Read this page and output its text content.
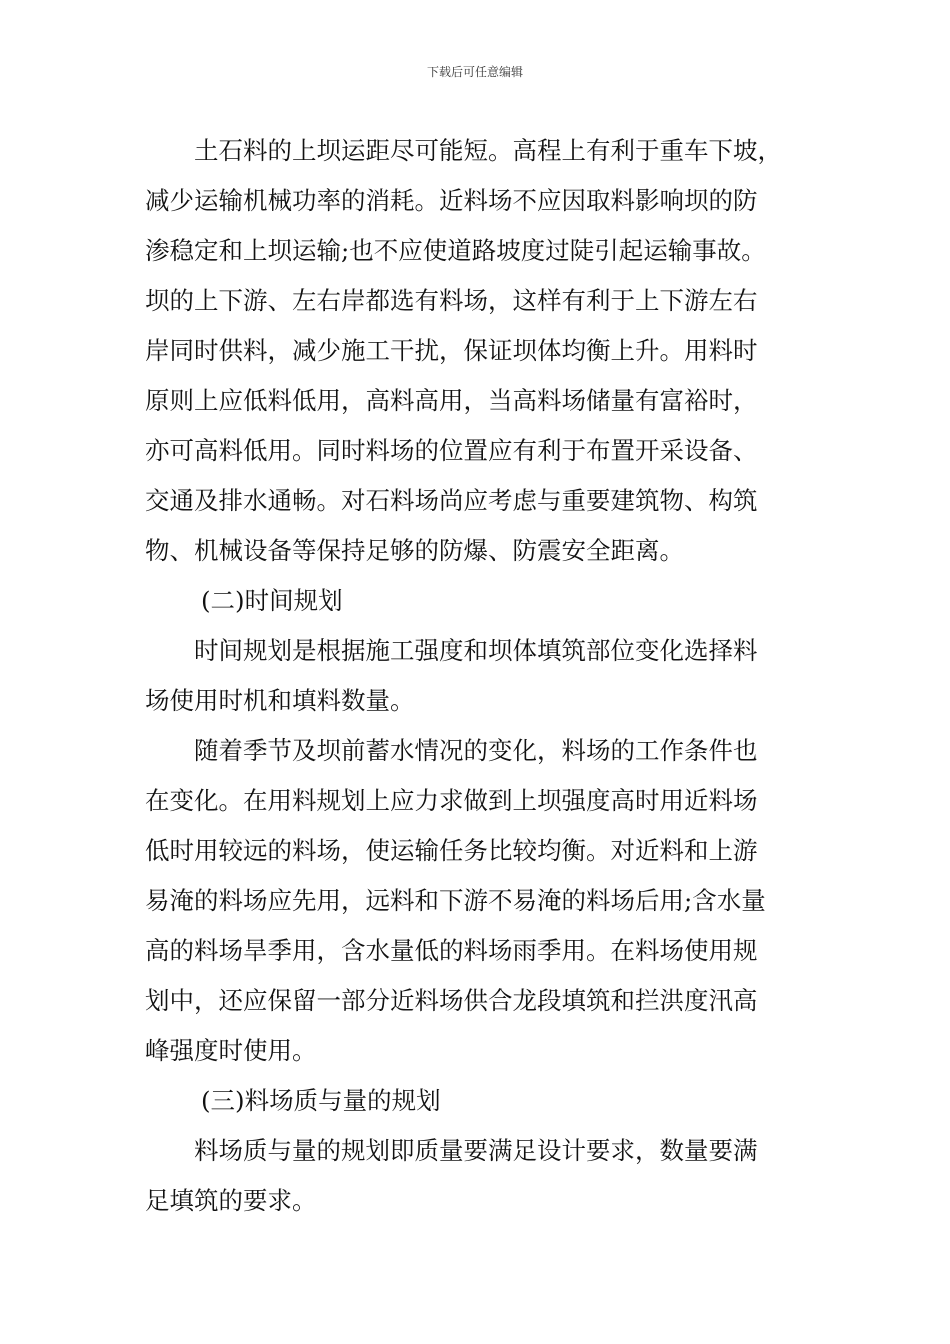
下载后可任意编辑
土石料的上坝运距尽可能短。高程上有利于重车下坡，
减少运输机械功率的消耗。近料场不应因取料影响坝的防
渗稳定和上坝运输;也不应使道路坡度过陡引起运输事故。
坝的上下游、左右岸都选有料场，这样有利于上下游左右
岸同时供料，减少施工干扰，保证坝体均衡上升。用料时
原则上应低料低用，高料高用，当高料场储量有富裕时，
亦可高料低用。同时料场的位置应有利于布置开采设备、
交通及排水通畅。对石料场尚应考虑与重要建筑物、构筑
物、机械设备等保持足够的防爆、防震安全距离。
(二)时间规划
时间规划是根据施工强度和坝体填筑部位变化选择料
场使用时机和填料数量。
随着季节及坝前蓄水情况的变化，料场的工作条件也
在变化。在用料规划上应力求做到上坝强度高时用近料场
低时用较远的料场，使运输任务比较均衡。对近料和上游
易淹的料场应先用，远料和下游不易淹的料场后用;含水量
高的料场旱季用，含水量低的料场雨季用。在料场使用规
划中，还应保留一部分近料场供合龙段填筑和拦洪度汛高
峰强度时使用。
(三)料场质与量的规划
料场质与量的规划即质量要满足设计要求，数量要满
足填筑的要求。
